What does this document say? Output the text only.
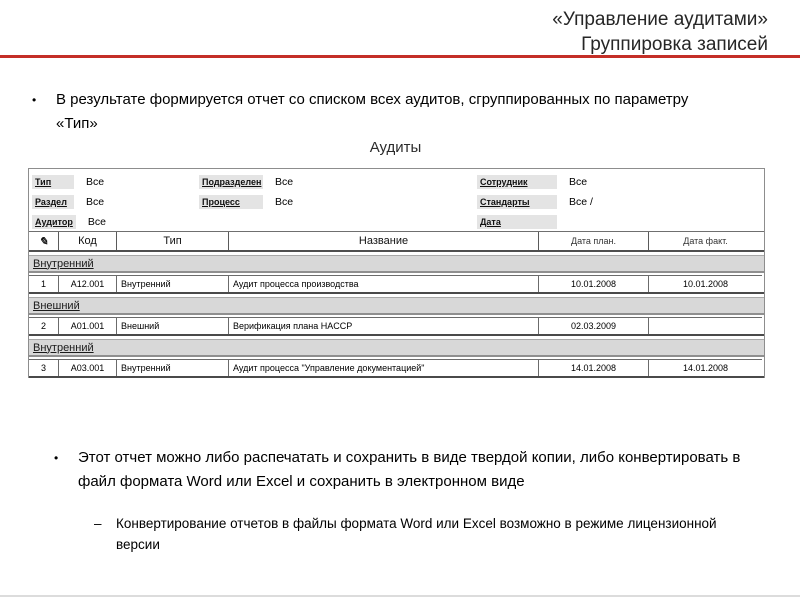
«Управление аудитами»
Группировка записей
• В результате формируется отчет со списком всех аудитов, сгруппированных по параметру «Тип»
Аудиты
Тип	Все
Раздел	Все
Аудитор Все
Подразделен Все
Процесс	Все
Сотрудник	Все
Стандарты	Все /
Дата
✎	Код	Тип	Название	Дата план.	Дата факт.
Внутренний
1	A12.001	Внутренний	Аудит процесса производства	10.01.2008	10.01.2008
Внешний
2	A01.001	Внешний	Верификация плана HACCP	02.03.2009
Внутренний
3	A03.001	Внутренний	Аудит процесса "Управление документацией"	14.01.2008	14.01.2008
• Этот отчет можно либо распечатать и сохранить в виде твердой копии, либо конвертировать в файл формата Word или Excel и сохранить в электронном виде
– Конвертирование отчетов в файлы формата Word или Excel возможно в режиме лицензионной версии
